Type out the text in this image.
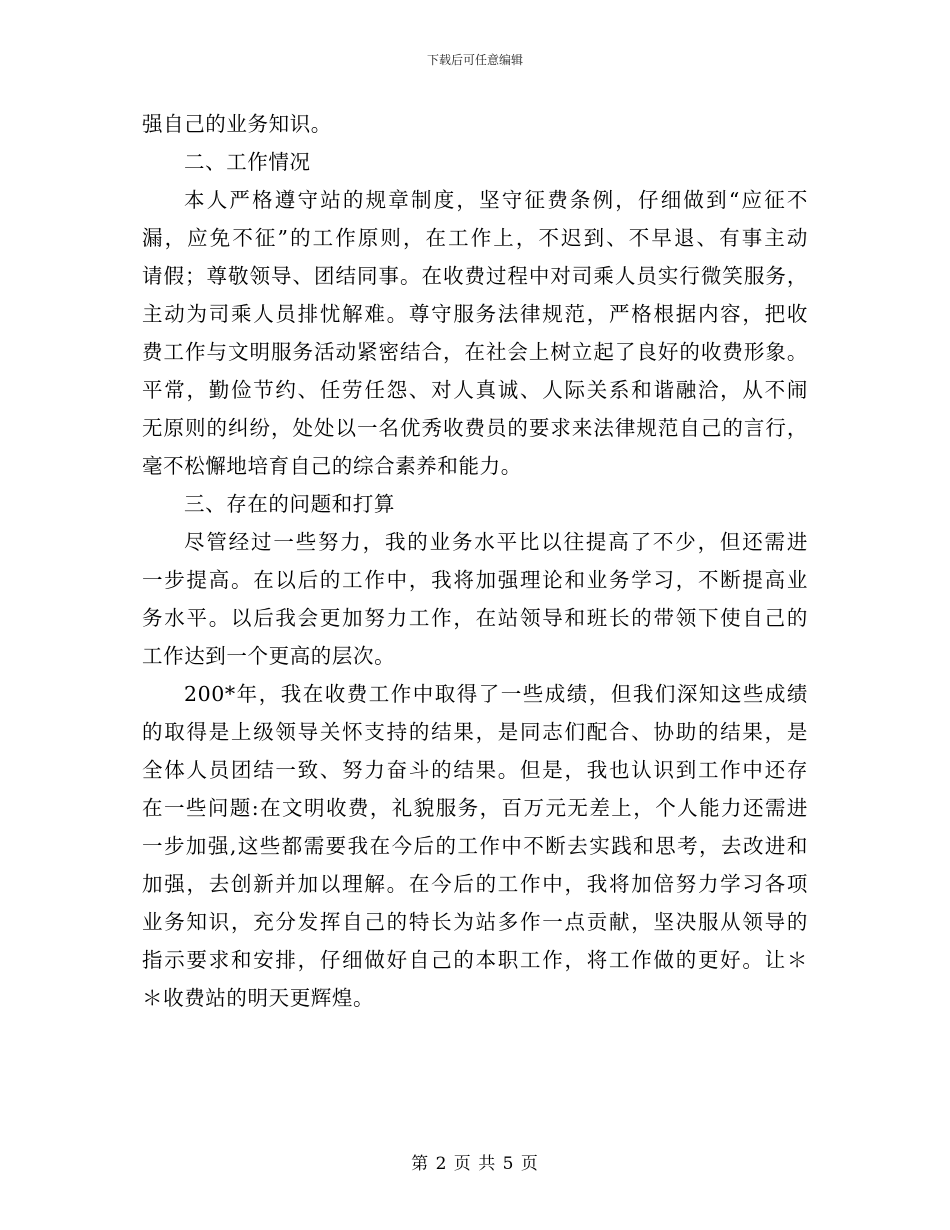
下载后可任意编辑
强自己的业务知识。
二、工作情况
本人严格遵守站的规章制度，坚守征费条例，仔细做到“应征不
漏，应免不征”的工作原则，在工作上，不迟到、不早退、有事主动
请假；尊敬领导、团结同事。在收费过程中对司乘人员实行微笑服务，
主动为司乘人员排忧解难。尊守服务法律规范，严格根据内容，把收
费工作与文明服务活动紧密结合，在社会上树立起了良好的收费形象。
平常，勤俭节约、任劳任怨、对人真诚、人际关系和谐融洽，从不闹
无原则的纠纷，处处以一名优秀收费员的要求来法律规范自己的言行，
毫不松懈地培育自己的综合素养和能力。
三、存在的问题和打算
尽管经过一些努力，我的业务水平比以往提高了不少，但还需进
一步提高。在以后的工作中，我将加强理论和业务学习，不断提高业
务水平。以后我会更加努力工作，在站领导和班长的带领下使自己的
工作达到一个更高的层次。
200*年，我在收费工作中取得了一些成绩，但我们深知这些成绩
的取得是上级领导关怀支持的结果，是同志们配合、协助的结果，是
全体人员团结一致、努力奋斗的结果。但是，我也认识到工作中还存
在一些问题:在文明收费，礼貌服务，百万元无差上，个人能力还需进
一步加强,这些都需要我在今后的工作中不断去实践和思考，去改进和
加强，去创新并加以理解。在今后的工作中，我将加倍努力学习各项
业务知识，充分发挥自己的特长为站多作一点贡献，坚决服从领导的
指示要求和安排，仔细做好自己的本职工作，将工作做的更好。让＊
＊收费站的明天更辉煌。
第 2 页 共 5 页
